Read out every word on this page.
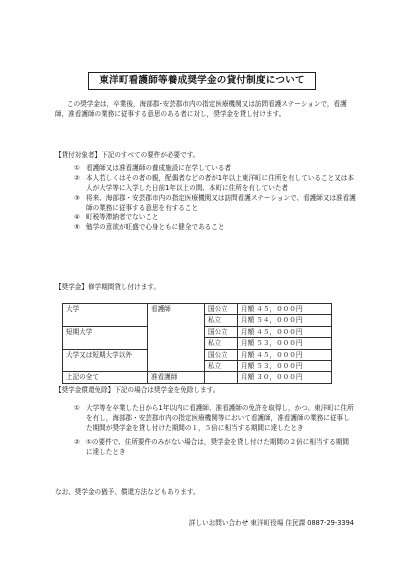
東洋町看護師等養成奨学金の貸付制度について
この奨学金は，卒業後，海部郡･安芸郡市内の指定医療機関又は訪問看護ステーションで，看護師，准看護師の業務に従事する意思のある者に対し，奨学金を貸し付けます。
【貸付対象者】下記のすべての要件が必要です。
① 看護師又は准看護師の養成施設に在学している者
② 本人若しくはその者の親，配偶者などの者が1年以上東洋町に住所を有していること又は本人が大学等に入学した日前1年以上の間、本町に住所を有していた者
③ 将来、海部郡・安芸郡市内の指定医療機関又は訪問看護ステーションで、看護師又は准看護師の業務に従事する意思を有すること
④ 町税等滞納者でないこと
⑤ 勉学の意欲が旺盛で心身ともに健全であること
【奨学金】修学期間貸し付けます。
大学	看護師	国公立	月額 ４５，０００円
		私立	月額 ５４，０００円
短期大学		国公立	月額 ４５，０００円
		私立	月額 ５３，０００円
大学又は短期大学以外		国公立	月額 ４５，０００円
		私立	月額 ５３，０００円
上記の全て	准看護師		月額 ３０，０００円
【奨学金償還免除】下記の場合は奨学金を免除します。
① 大学等を卒業した日から1年以内に看護師、准看護師の免許を取得し，かつ、東洋町に住所を有し，海部郡・安芸郡市内の指定医療機関等において看護師，准看護師の業務に従事した期間が奨学金を貸し付けた期間の１，５倍に相当する期間に達したとき
② ①の要件で、住所要件のみがない場合は，奨学金を貸し付けた期間の２倍に相当する期間に達したとき
なお、奨学金の猶予、償還方法などもあります。
詳しいお問い合わせ 東洋町役場 住民課 0887-29-3394
